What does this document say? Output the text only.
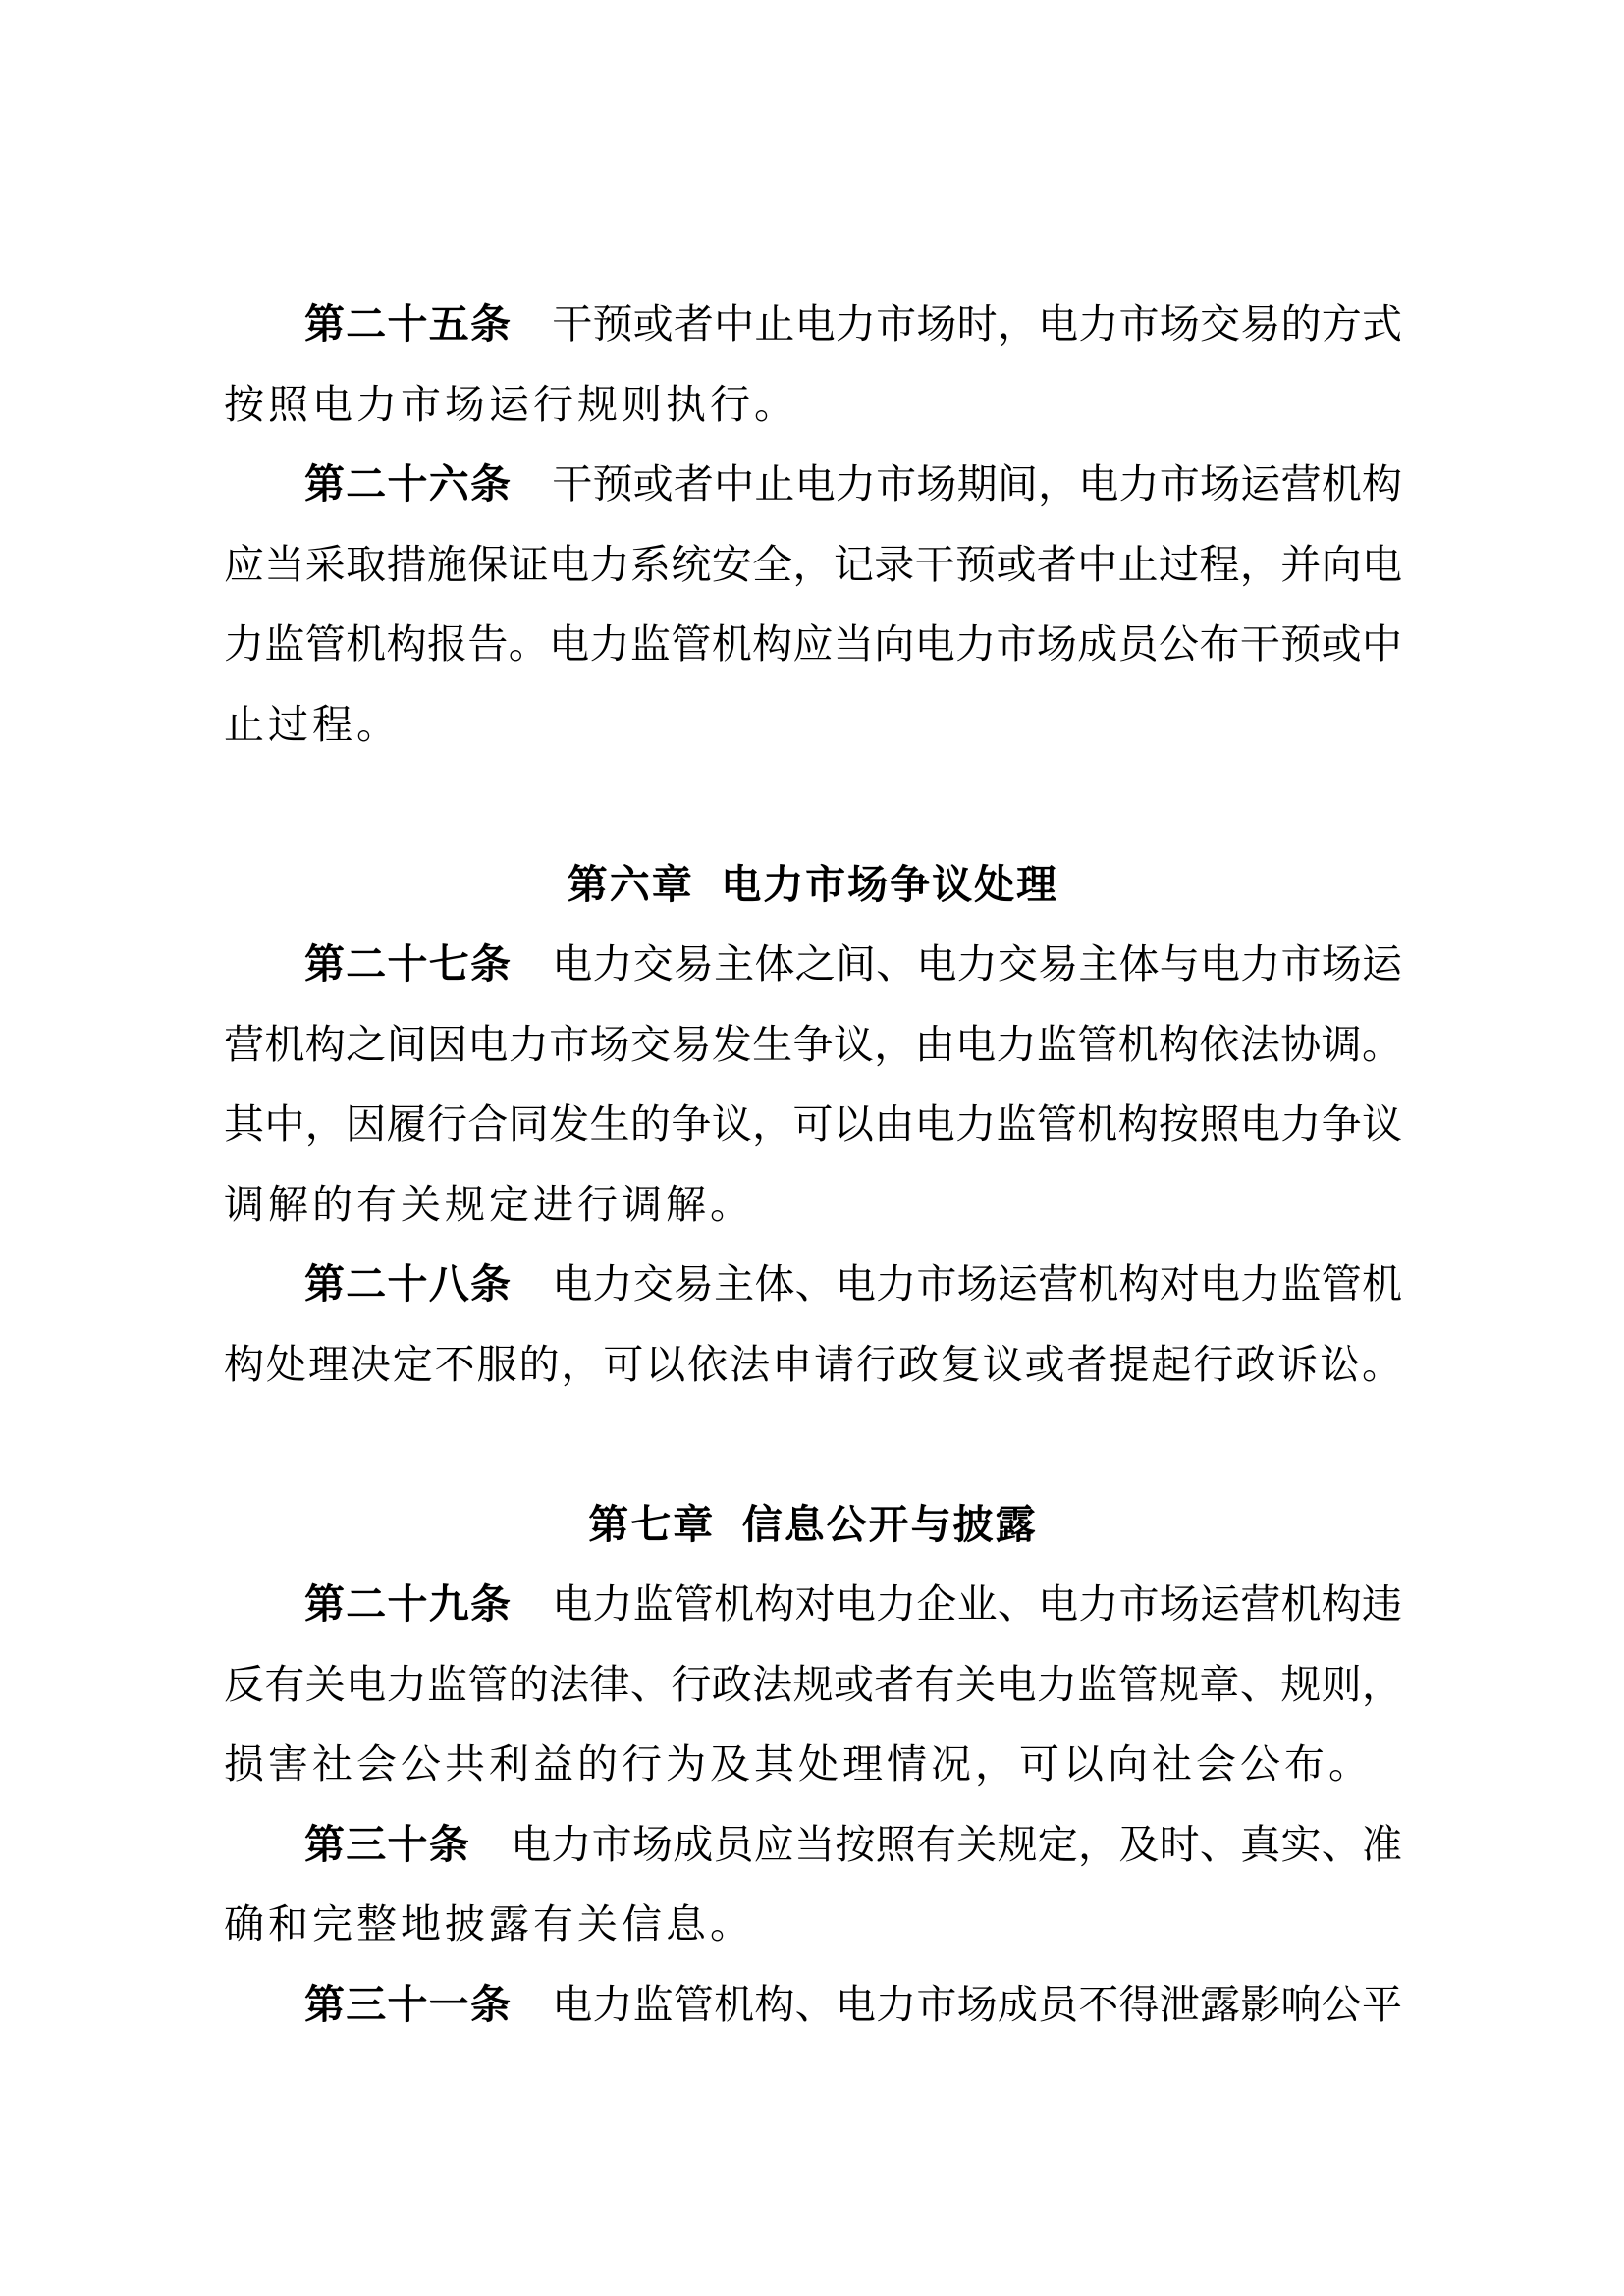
第二十五条 干预或者中止电力市场时，电力市场交易的方式
按照电力市场运行规则执行。
第二十六条 干预或者中止电力市场期间，电力市场运营机构
应当采取措施保证电力系统安全，记录干预或者中止过程，并向电
力监管机构报告。电力监管机构应当向电力市场成员公布干预或中
止过程。
第六章 电力市场争议处理
第二十七条 电力交易主体之间、电力交易主体与电力市场运
营机构之间因电力市场交易发生争议，由电力监管机构依法协调。
其中，因履行合同发生的争议，可以由电力监管机构按照电力争议
调解的有关规定进行调解。
第二十八条 电力交易主体、电力市场运营机构对电力监管机
构处理决定不服的，可以依法申请行政复议或者提起行政诉讼。
第七章 信息公开与披露
第二十九条 电力监管机构对电力企业、电力市场运营机构违
反有关电力监管的法律、行政法规或者有关电力监管规章、规则，
损害社会公共利益的行为及其处理情况，可以向社会公布。
第三十条 电力市场成员应当按照有关规定，及时、真实、准
确和完整地披露有关信息。
第三十一条 电力监管机构、电力市场成员不得泄露影响公平
